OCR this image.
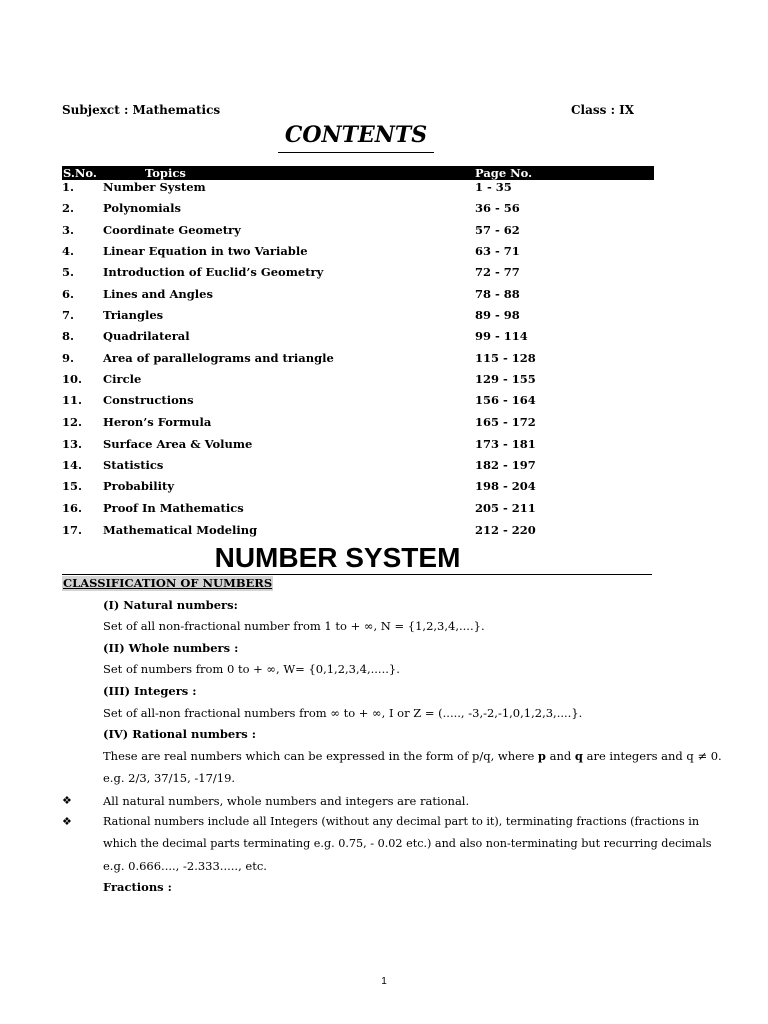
Subjexct : Mathematics	Class : IX
CONTENTS
S.No.	Topics	Page No.
1.	Number System	1 - 35
2.	Polynomials	36 - 56
3.	Coordinate Geometry	57 - 62
4.	Linear Equation in two Variable	63 - 71
5.	Introduction of Euclid’s Geometry	72 - 77
6.	Lines and Angles	78 - 88
7.	Triangles	89 - 98
8.	Quadrilateral	99 - 114
9.	Area of parallelograms and triangle	115 - 128
10. Circle	129 - 155
11. Constructions	156 - 164
12. Heron’s Formula	165 - 172
13. Surface Area & Volume	173 - 181
14. Statistics	182 - 197
15. Probability	198 - 204
16. Proof In Mathematics	205 - 211
17. Mathematical Modeling	212 - 220
NUMBER SYSTEM
CLASSIFICATION OF NUMBERS
(I) Natural numbers:
Set of all non-fractional number from 1 to + ∞, N = {1,2,3,4,....}.
(II) Whole numbers :
Set of numbers from 0 to + ∞, W= {0,1,2,3,4,.....}.
(III) Integers :
Set of all-non fractional numbers from ∞ to + ∞, I or Z = (....., -3,-2,-1,0,1,2,3,....}.
(IV) Rational numbers :
These are real numbers which can be expressed in the form of p/q, where p and q are integers and q ≠ 0.
e.g. 2/3, 37/15, -17/19.
❖	All natural numbers, whole numbers and integers are rational.
❖	Rational numbers include all Integers (without any decimal part to it), terminating fractions (fractions in
which the decimal parts terminating e.g. 0.75, - 0.02 etc.) and also non-terminating but recurring decimals
e.g. 0.666...., -2.333....., etc.
Fractions :
1
